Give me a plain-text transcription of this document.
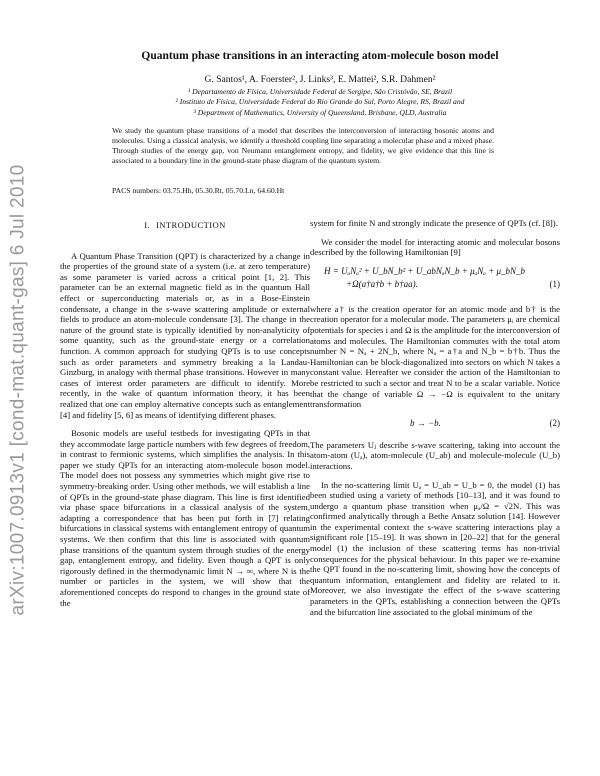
arXiv:1007.0913v1 [cond-mat.quant-gas] 6 Jul 2010
Quantum phase transitions in an interacting atom-molecule boson model
G. Santos¹, A. Foerster², J. Links³, E. Mattei², S.R. Dahmen²
¹ Departamento de Física, Universidade Federal de Sergipe, São Cristóvão, SE, Brazil
² Instituto de Física, Universidade Federal do Rio Grande do Sul, Porto Alegre, RS, Brazil and
³ Department of Mathematics, University of Queensland, Brisbane, QLD, Australia
We study the quantum phase transitions of a model that describes the interconversion of interacting bosonic atoms and molecules. Using a classical analysis, we identify a threshold coupling line separating a molecular phase and a mixed phase. Through studies of the energy gap, von Neumann entanglement entropy, and fidelity, we give evidence that this line is associated to a boundary line in the ground-state phase diagram of the quantum system.
PACS numbers: 03.75.Hh, 05.30.Rt, 05.70.Ln, 64.60.Ht
I. INTRODUCTION

A Quantum Phase Transition (QPT) is characterized by a change in the properties of the ground state of a system (i.e. at zero temperature) as some parameter is varied across a critical point [1, 2]. This parameter can be an external magnetic field as in the quantum Hall effect or superconducting materials or, as in a Bose-Einstein condensate, a change in the s-wave scattering amplitude or external fields to produce an atom-molecule condensate [3]. The change in the nature of the ground state is typically identified by non-analyticity of some quantity, such as the ground-state energy or a correlation function. A common approach for studying QPTs is to use concepts such as order parameters and symmetry breaking a la Landau-Ginzburg, in analogy with thermal phase transitions. However in many cases of interest order parameters are difficult to identify. More recently, in the wake of quantum information theory, it has been realized that one can employ alternative concepts such as entanglement [4] and fidelity [5, 6] as means of identifying different phases.

Bosonic models are useful testbeds for investigating QPTs in that they accommodate large particle numbers with few degrees of freedom, in contrast to fermionic systems, which simplifies the analysis. In this paper we study QPTs for an interacting atom-molecule boson model. The model does not possess any symmetries which might give rise to symmetry-breaking order. Using other methods, we will establish a line of QPTs in the ground-state phase diagram. This line is first identified via phase space bifurcations in a classical analysis of the system, adapting a correspondence that has been put forth in [7] relating bifurcations in classical systems with entanglement entropy of quantum systems. We then confirm that this line is associated with quantum phase transitions of the quantum system through studies of the energy gap, entanglement entropy, and fidelity. Even though a QPT is only rigorously defined in the thermodynamic limit N → ∞, where N is the number or particles in the system, we will show that the aforementioned concepts do respond to changes in the ground state of the

system for finite N and strongly indicate the presence of QPTs (cf. [8]).

We consider the model for interacting atomic and molecular bosons described by the following Hamiltonian [9]

H = UₐNₐ² + U_bN_b² + U_abNₐN_b + μₐNₐ + μ_bN_b
+Ω(a†a†b + b†aa).	(1)

where a† is the creation operator for an atomic mode and b† is the creation operator for a molecular mode. The parameters μᵢ are chemical potentials for species i and Ω is the amplitude for the interconversion of atoms and molecules. The Hamiltonian commutes with the total atom number N = Nₐ + 2N_b, where Nₐ = a†a and N_b = b†b. Thus the Hamiltonian can be block-diagonalized into sectors on which N takes a constant value. Hereafter we consider the action of the Hamiltonian to be restricted to such a sector and treat N to be a scalar variable. Notice that the change of variable Ω → −Ω is equivalent to the unitary transformation

b → −b.	(2)

The parameters Uⱼ describe s-wave scattering, taking into account the atom-atom (Uₐ), atom-molecule (U_ab) and molecule-molecule (U_b) interactions.

In the no-scattering limit Uₐ = U_ab = U_b = 0, the model (1) has been studied using a variety of methods [10–13], and it was found to undergo a quantum phase transition when μₐ/Ω = √2N. This was confirmed analytically through a Bethe Ansatz solution [14]. However in the experimental context the s-wave scattering interactions play a significant role [15–19]. It was shown in [20–22] that for the general model (1) the inclusion of these scattering terms has non-trivial consequences for the physical behaviour. In this paper we re-examine the QPT found in the no-scattering limit, showing how the concepts of quantum information, entanglement and fidelity are related to it. Moreover, we also investigate the effect of the s-wave scattering parameters in the QPTs, establishing a connection between the QPTs and the bifurcation line associated to the global minimum of the
